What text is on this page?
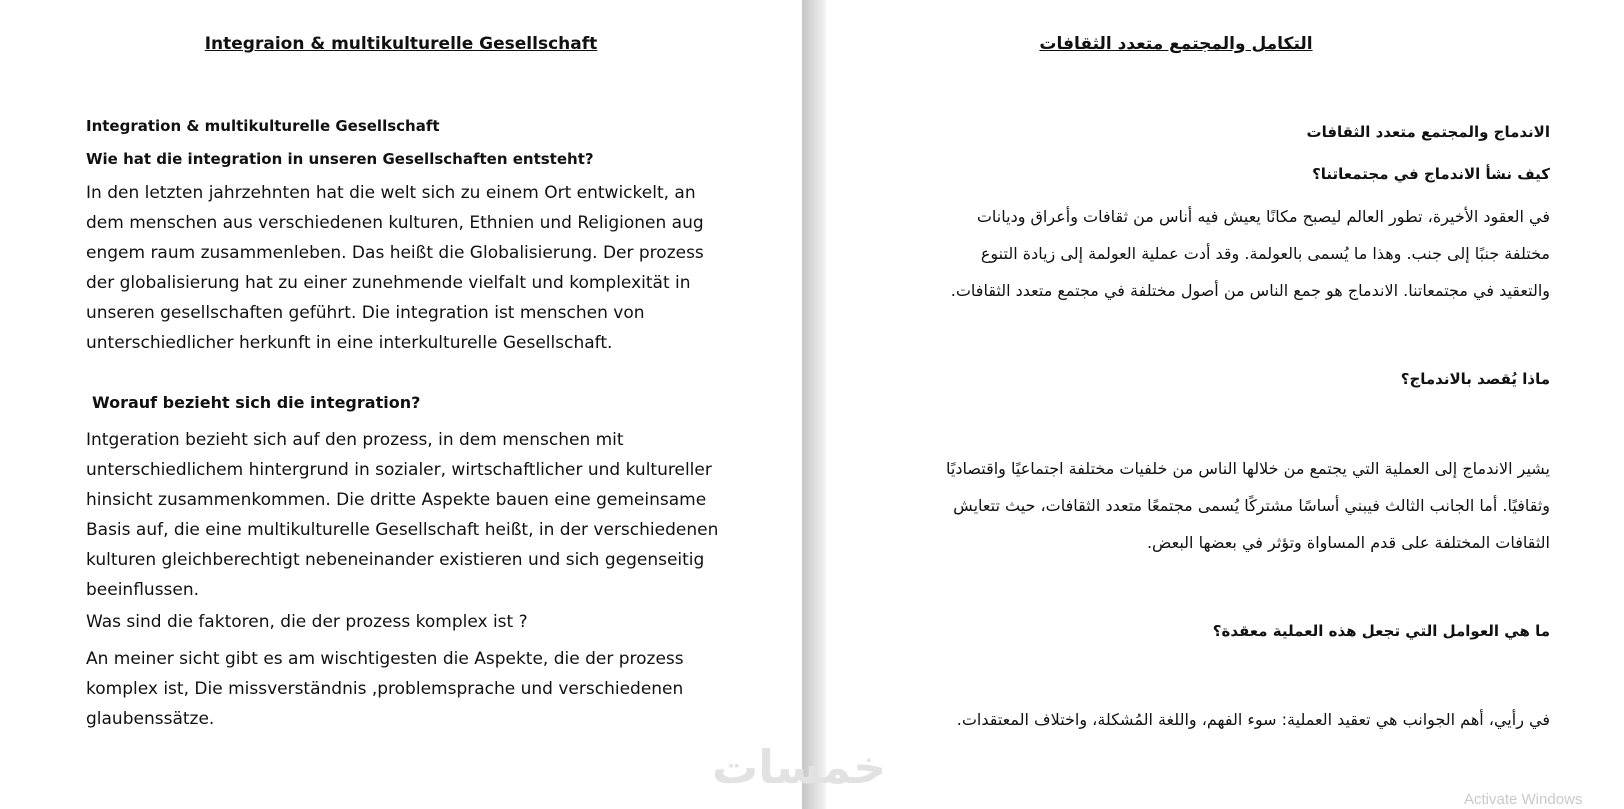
Integraion & multikulturelle Gesellschaft
Integration & multikulturelle Gesellschaft
Wie hat die integration in unseren Gesellschaften entsteht?
In den letzten jahrzehnten hat die welt sich zu einem Ort entwickelt, an dem menschen aus verschiedenen kulturen, Ethnien und Religionen aug engem raum zusammenleben. Das heißt die Globalisierung. Der prozess der globalisierung hat zu einer zunehmende vielfalt und komplexität in unseren gesellschaften geführt. Die integration ist menschen von unterschiedlicher herkunft in eine interkulturelle Gesellschaft.
Worauf bezieht sich die integration?
Intgeration bezieht sich auf den prozess, in dem menschen mit unterschiedlichem hintergrund in sozialer, wirtschaftlicher und kultureller hinsicht zusammenkommen. Die dritte Aspekte bauen eine gemeinsame Basis auf, die eine multikulturelle Gesellschaft heißt, in der verschiedenen kulturen gleichberechtigt nebeneinander existieren und sich gegenseitig beeinflussen.
Was sind die faktoren, die der prozess komplex ist ?
An meiner sicht gibt es am wischtigesten die Aspekte, die der prozess komplex ist, Die missverständnis ,problemsprache und verschiedenen glaubenssätze.
التكامل والمجتمع متعدد الثقافات
الاندماج والمجتمع متعدد الثقافات
كيف نشأ الاندماج في مجتمعاتنا؟
في العقود الأخيرة، تطور العالم ليصبح مكانًا يعيش فيه أناس من ثقافات وأعراق وديانات مختلفة جنبًا إلى جنب. وهذا ما يُسمى بالعولمة. وقد أدت عملية العولمة إلى زيادة التنوع والتعقيد في مجتمعاتنا. الاندماج هو جمع الناس من أصول مختلفة في مجتمع متعدد الثقافات.
ماذا يُقصد بالاندماج؟
يشير الاندماج إلى العملية التي يجتمع من خلالها الناس من خلفيات مختلفة اجتماعيًا واقتصاديًا وثقافيًا. أما الجانب الثالث فيبني أساسًا مشتركًا يُسمى مجتمعًا متعدد الثقافات، حيث تتعايش الثقافات المختلفة على قدم المساواة وتؤثر في بعضها البعض.
ما هي العوامل التي تجعل هذه العملية معقدة؟
في رأيي، أهم الجوانب هي تعقيد العملية: سوء الفهم، واللغة المُشكلة، واختلاف المعتقدات.
خمسات
Activate Windows
